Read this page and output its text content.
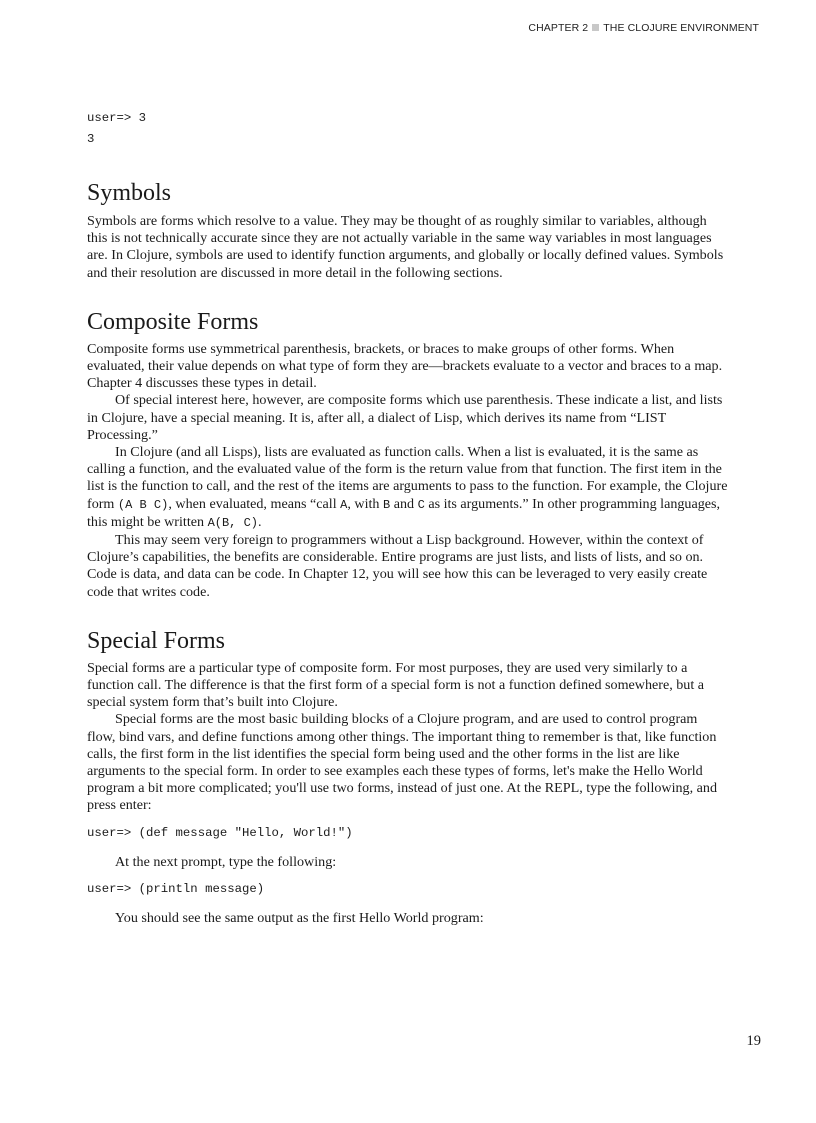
CHAPTER 2 THE CLOJURE ENVIRONMENT
user=> 3
3
Symbols

Symbols are forms which resolve to a value. They may be thought of as roughly similar to variables, although this is not technically accurate since they are not actually variable in the same way variables in most languages are. In Clojure, symbols are used to identify function arguments, and globally or locally defined values. Symbols and their resolution are discussed in more detail in the following sections.

Composite Forms

Composite forms use symmetrical parenthesis, brackets, or braces to make groups of other forms. When evaluated, their value depends on what type of form they are—brackets evaluate to a vector and braces to a map. Chapter 4 discusses these types in detail.

Of special interest here, however, are composite forms which use parenthesis. These indicate a list, and lists in Clojure, have a special meaning. It is, after all, a dialect of Lisp, which derives its name from “LIST Processing.”

In Clojure (and all Lisps), lists are evaluated as function calls. When a list is evaluated, it is the same as calling a function, and the evaluated value of the form is the return value from that function. The first item in the list is the function to call, and the rest of the items are arguments to pass to the function. For example, the Clojure form (A B C), when evaluated, means “call A, with B and C as its arguments.” In other programming languages, this might be written A(B, C).

This may seem very foreign to programmers without a Lisp background. However, within the context of Clojure’s capabilities, the benefits are considerable. Entire programs are just lists, and lists of lists, and so on. Code is data, and data can be code. In Chapter 12, you will see how this can be leveraged to very easily create code that writes code.

Special Forms

Special forms are a particular type of composite form. For most purposes, they are used very similarly to a function call. The difference is that the first form of a special form is not a function defined somewhere, but a special system form that’s built into Clojure.

Special forms are the most basic building blocks of a Clojure program, and are used to control program flow, bind vars, and define functions among other things. The important thing to remember is that, like function calls, the first form in the list identifies the special form being used and the other forms in the list are like arguments to the special form. In order to see examples each these types of forms, let's make the Hello World program a bit more complicated; you'll use two forms, instead of just one. At the REPL, type the following, and press enter:

user=> (def message "Hello, World!")

At the next prompt, type the following:

user=> (println message)

You should see the same output as the first Hello World program:

19
